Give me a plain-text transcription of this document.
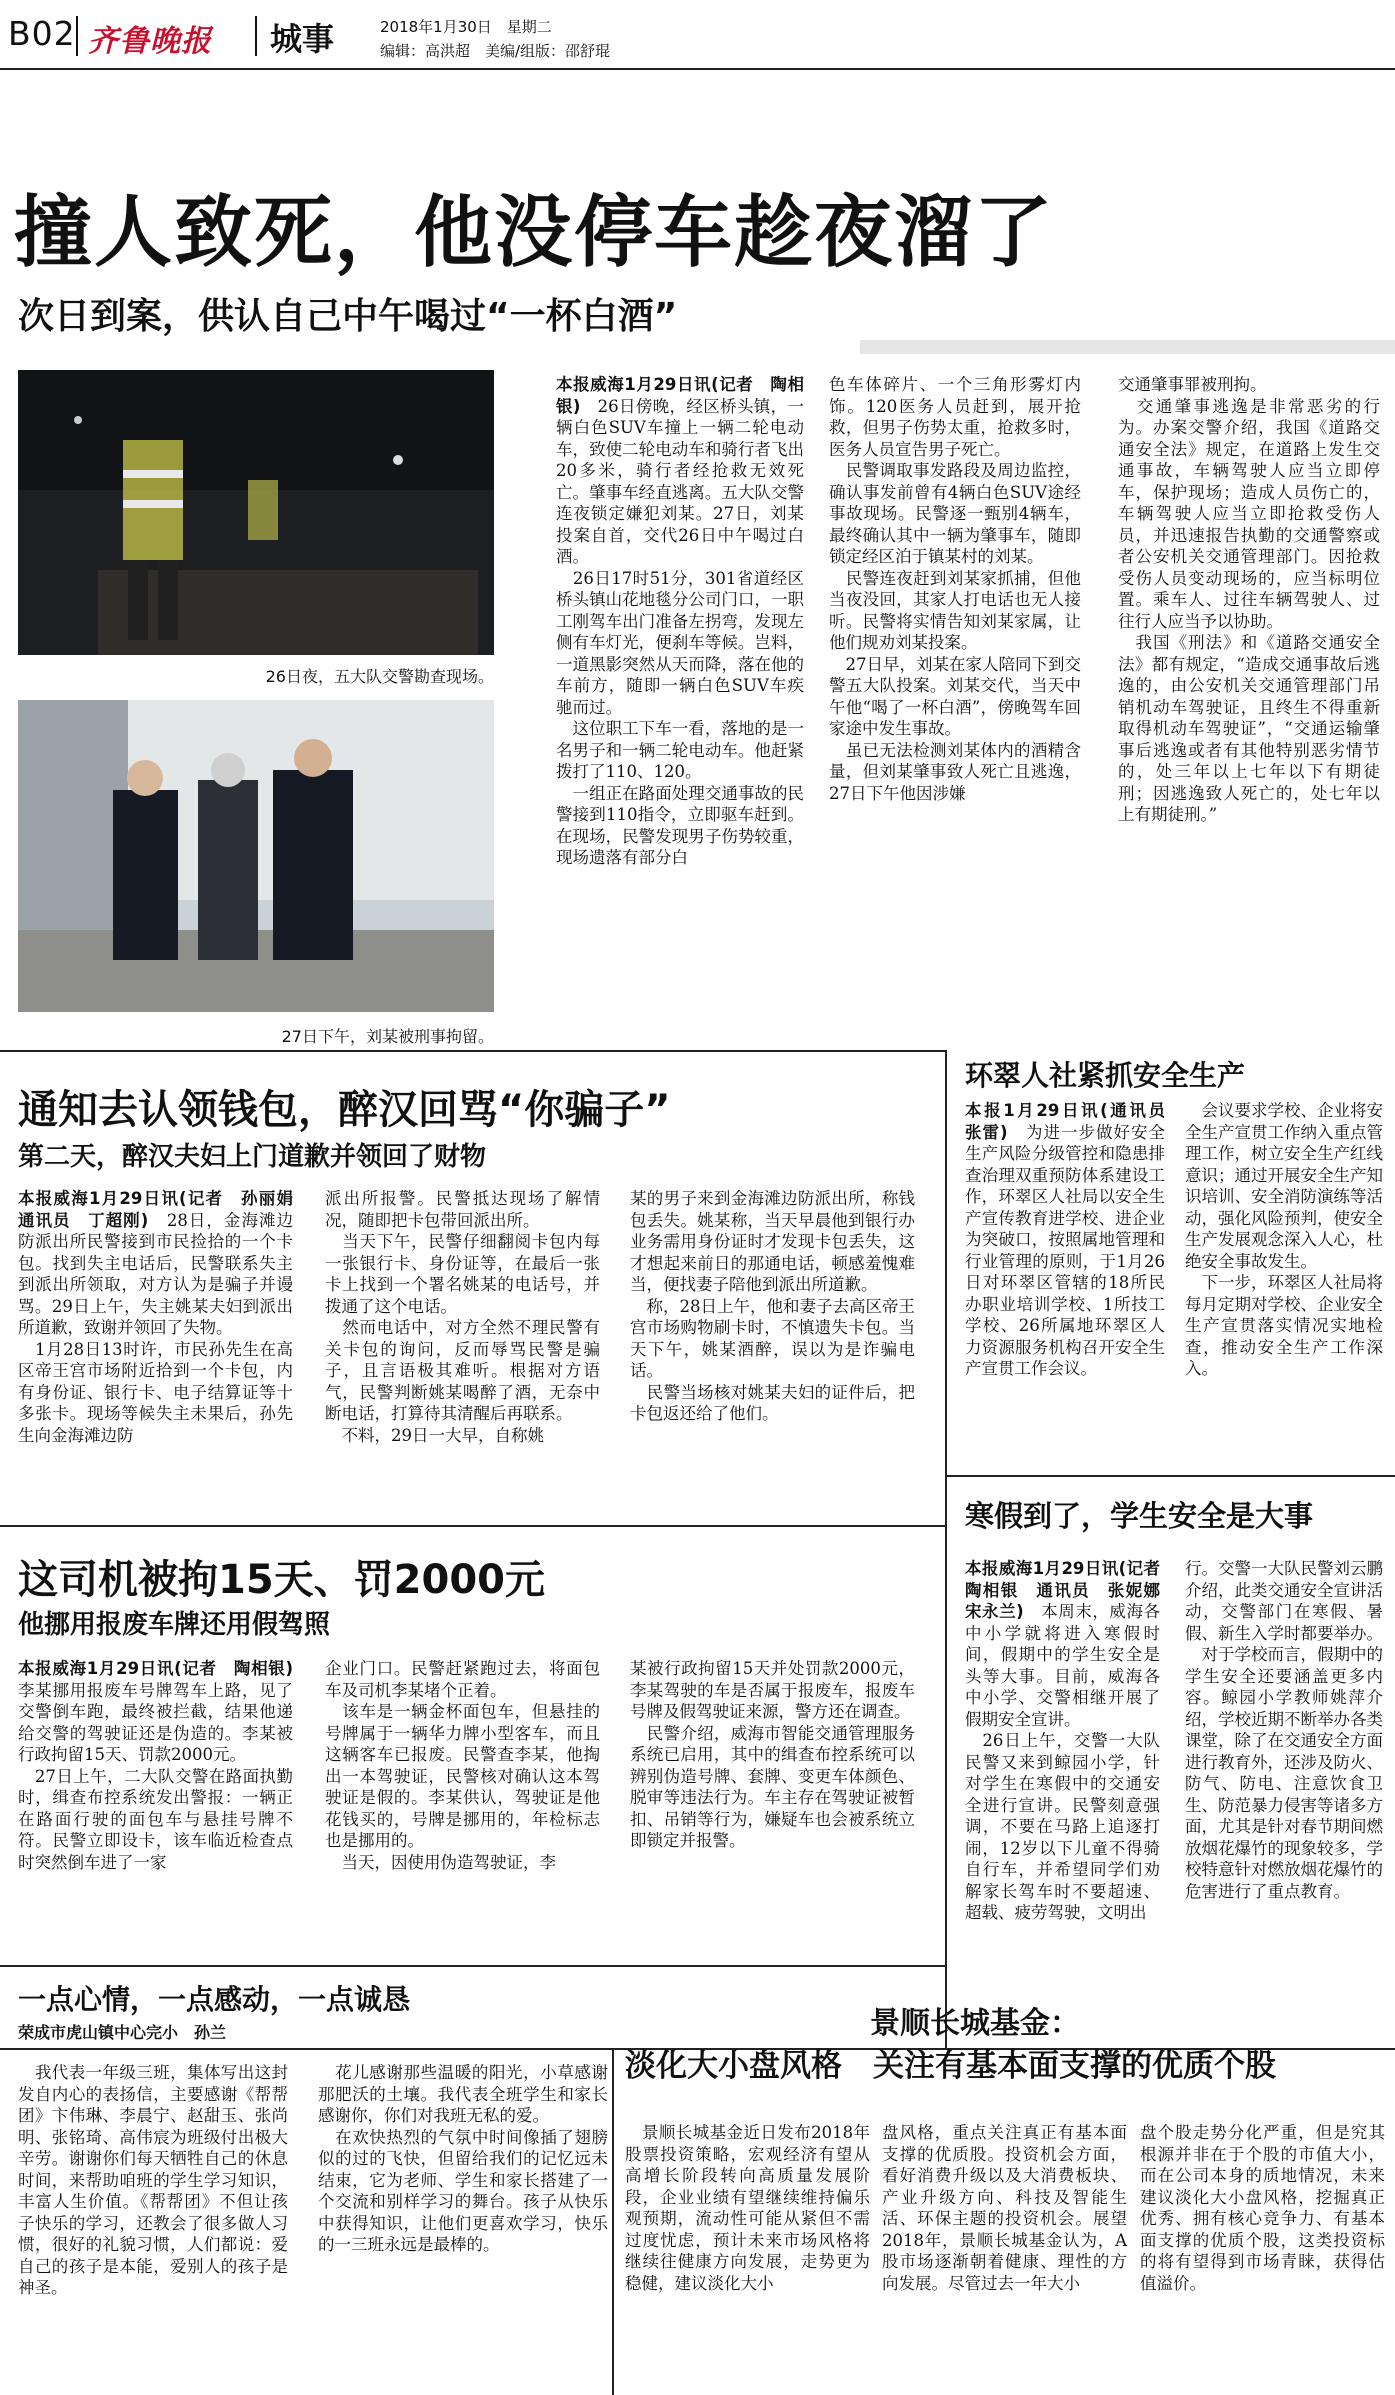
B02 齐鲁晚报 城事	2018年1月30日　星期二
编辑：高洪超　美编/组版：邵舒琨
撞人致死，他没停车趁夜溜了
次日到案，供认自己中午喝过“一杯白酒”
26日夜，五大队交警勘查现场。
27日下午，刘某被刑事拘留。
本报威海1月29日讯(记者　陶相银)　26日傍晚，经区桥头镇，一辆白色SUV车撞上一辆二轮电动车，致使二轮电动车和骑行者飞出20多米，骑行者经抢救无效死亡。肇事车经直逃离。五大队交警连夜锁定嫌犯刘某。27日，刘某投案自首，交代26日中午喝过白酒。
　26日17时51分，301省道经区桥头镇山花地毯分公司门口，一职工刚驾车出门准备左拐弯，发现左侧有车灯光，便刹车等候。岂料，一道黑影突然从天而降，落在他的车前方，随即一辆白色SUV车疾驰而过。
　这位职工下车一看，落地的是一名男子和一辆二轮电动车。他赶紧拨打了110、120。
　一组正在路面处理交通事故的民警接到110指令，立即驱车赶到。在现场，民警发现男子伤势较重，现场遗落有部分白
色车体碎片、一个三角形雾灯内饰。120医务人员赶到，展开抢救，但男子伤势太重，抢救多时，医务人员宣告男子死亡。
　民警调取事发路段及周边监控，确认事发前曾有4辆白色SUV途经事故现场。民警逐一甄别4辆车，最终确认其中一辆为肇事车，随即锁定经区泊于镇某村的刘某。
　民警连夜赶到刘某家抓捕，但他当夜没回，其家人打电话也无人接听。民警将实情告知刘某家属，让他们规劝刘某投案。
　27日早，刘某在家人陪同下到交警五大队投案。刘某交代，当天中午他“喝了一杯白酒”，傍晚驾车回家途中发生事故。
　虽已无法检测刘某体内的酒精含量，但刘某肇事致人死亡且逃逸，27日下午他因涉嫌
交通肇事罪被刑拘。
　交通肇事逃逸是非常恶劣的行为。办案交警介绍，我国《道路交通安全法》规定，在道路上发生交通事故，车辆驾驶人应当立即停车，保护现场；造成人员伤亡的，车辆驾驶人应当立即抢救受伤人员，并迅速报告执勤的交通警察或者公安机关交通管理部门。因抢救受伤人员变动现场的，应当标明位置。乘车人、过往车辆驾驶人、过往行人应当予以协助。
　我国《刑法》和《道路交通安全法》都有规定，“造成交通事故后逃逸的，由公安机关交通管理部门吊销机动车驾驶证，且终生不得重新取得机动车驾驶证”，“交通运输肇事后逃逸或者有其他特别恶劣情节的，处三年以上七年以下有期徒刑；因逃逸致人死亡的，处七年以上有期徒刑。”
通知去认领钱包，醉汉回骂“你骗子”
第二天，醉汉夫妇上门道歉并领回了财物
本报威海1月29日讯(记者　孙丽娟　通讯员　丁超刚)　28日，金海滩边防派出所民警接到市民捡拾的一个卡包。找到失主电话后，民警联系失主到派出所领取，对方认为是骗子并谩骂。29日上午，失主姚某夫妇到派出所道歉，致谢并领回了失物。
　1月28日13时许，市民孙先生在高区帝王宫市场附近拾到一个卡包，内有身份证、银行卡、电子结算证等十多张卡。现场等候失主未果后，孙先生向金海滩边防
派出所报警。民警抵达现场了解情况，随即把卡包带回派出所。
　当天下午，民警仔细翻阅卡包内每一张银行卡、身份证等，在最后一张卡上找到一个署名姚某的电话号，并拨通了这个电话。
　然而电话中，对方全然不理民警有关卡包的询问，反而辱骂民警是骗子，且言语极其难听。根据对方语气，民警判断姚某喝醉了酒，无奈中断电话，打算待其清醒后再联系。
　不料，29日一大早，自称姚
某的男子来到金海滩边防派出所，称钱包丢失。姚某称，当天早晨他到银行办业务需用身份证时才发现卡包丢失，这才想起来前日的那通电话，顿感羞愧难当，便找妻子陪他到派出所道歉。
　称，28日上午，他和妻子去高区帝王宫市场购物刷卡时，不慎遗失卡包。当天下午，姚某酒醉，误以为是诈骗电话。
　民警当场核对姚某夫妇的证件后，把卡包返还给了他们。
这司机被拘15天、罚2000元
他挪用报废车牌还用假驾照
本报威海1月29日讯(记者　陶相银)　李某挪用报废车号牌驾车上路，见了交警倒车跑，最终被拦截，结果他递给交警的驾驶证还是伪造的。李某被行政拘留15天、罚款2000元。
　27日上午，二大队交警在路面执勤时，缉查布控系统发出警报：一辆正在路面行驶的面包车与悬挂号牌不符。民警立即设卡，该车临近检查点时突然倒车进了一家
企业门口。民警赶紧跑过去，将面包车及司机李某堵个正着。
　该车是一辆金杯面包车，但悬挂的号牌属于一辆华力牌小型客车，而且这辆客车已报废。民警查李某，他掏出一本驾驶证，民警核对确认这本驾驶证是假的。李某供认，驾驶证是他花钱买的，号牌是挪用的，年检标志也是挪用的。
　当天，因使用伪造驾驶证，李
某被行政拘留15天并处罚款2000元，李某驾驶的车是否属于报废车，报废车号牌及假驾驶证来源，警方还在调查。
　民警介绍，威海市智能交通管理服务系统已启用，其中的缉查布控系统可以辨别伪造号牌、套牌、变更车体颜色、脱审等违法行为。车主存在驾驶证被暂扣、吊销等行为，嫌疑车也会被系统立即锁定并报警。
环翠人社紧抓安全生产
本报1月29日讯(通讯员　张雷)　为进一步做好安全生产风险分级管控和隐患排查治理双重预防体系建设工作，环翠区人社局以安全生产宣传教育进学校、进企业为突破口，按照属地管理和行业管理的原则，于1月26日对环翠区管辖的18所民办职业培训学校、1所技工学校、26所属地环翠区人力资源服务机构召开安全生产宣贯工作会议。
　会议要求学校、企业将安全生产宣贯工作纳入重点管理工作，树立安全生产红线意识；通过开展安全生产知识培训、安全消防演练等活动，强化风险预判，使安全生产发展观念深入人心，杜绝安全事故发生。
　下一步，环翠区人社局将每月定期对学校、企业安全生产宣贯落实情况实地检查，推动安全生产工作深入。
寒假到了，学生安全是大事
本报威海1月29日讯(记者　陶相银　通讯员　张妮娜　宋永兰)　本周末，威海各中小学就将进入寒假时间，假期中的学生安全是头等大事。目前，威海各中小学、交警相继开展了假期安全宣讲。
　26日上午，交警一大队民警又来到鲸园小学，针对学生在寒假中的交通安全进行宣讲。民警刻意强调，不要在马路上追逐打闹，12岁以下儿童不得骑自行车，并希望同学们劝解家长驾车时不要超速、超载、疲劳驾驶，文明出
行。交警一大队民警刘云鹏介绍，此类交通安全宣讲活动，交警部门在寒假、暑假、新生入学时都要举办。
　对于学校而言，假期中的学生安全还要涵盖更多内容。鲸园小学教师姚萍介绍，学校近期不断举办各类课堂，除了在交通安全方面进行教育外，还涉及防火、防气、防电、注意饮食卫生、防范暴力侵害等诸多方面，尤其是针对春节期间燃放烟花爆竹的现象较多，学校特意针对燃放烟花爆竹的危害进行了重点教育。
一点心情，一点感动，一点诚恳
荣成市虎山镇中心完小　孙兰
　我代表一年级三班，集体写出这封发自内心的表扬信，主要感谢《帮帮团》卞伟琳、李晨宁、赵甜玉、张尚明、张铭琦、高伟宸为班级付出极大辛劳。谢谢你们每天牺牲自己的休息时间，来帮助咱班的学生学习知识，丰富人生价值。《帮帮团》不但让孩子快乐的学习，还教会了很多做人习惯，很好的礼貌习惯，人们都说：爱自己的孩子是本能，爱别人的孩子是神圣。
　花儿感谢那些温暖的阳光，小草感谢那肥沃的土壤。我代表全班学生和家长感谢你，你们对我班无私的爱。
　在欢快热烈的气氛中时间像插了翅膀似的过的飞快，但留给我们的记忆远未结束，它为老师、学生和家长搭建了一个交流和别样学习的舞台。孩子从快乐中获得知识，让他们更喜欢学习，快乐的一三班永远是最棒的。
景顺长城基金：
淡化大小盘风格　关注有基本面支撑的优质个股
　景顺长城基金近日发布2018年股票投资策略，宏观经济有望从高增长阶段转向高质量发展阶段，企业业绩有望继续维持偏乐观预期，流动性可能从紧但不需过度忧虑，预计未来市场风格将继续往健康方向发展，走势更为稳健，建议淡化大小
盘风格，重点关注真正有基本面支撑的优质股。投资机会方面，看好消费升级以及大消费板块、产业升级方向、科技及智能生活、环保主题的投资机会。展望2018年，景顺长城基金认为，A股市场逐渐朝着健康、理性的方向发展。尽管过去一年大小
盘个股走势分化严重，但是究其根源并非在于个股的市值大小，而在公司本身的质地情况，未来建议淡化大小盘风格，挖掘真正优秀、拥有核心竞争力、有基本面支撑的优质个股，这类投资标的将有望得到市场青睐，获得估值溢价。
